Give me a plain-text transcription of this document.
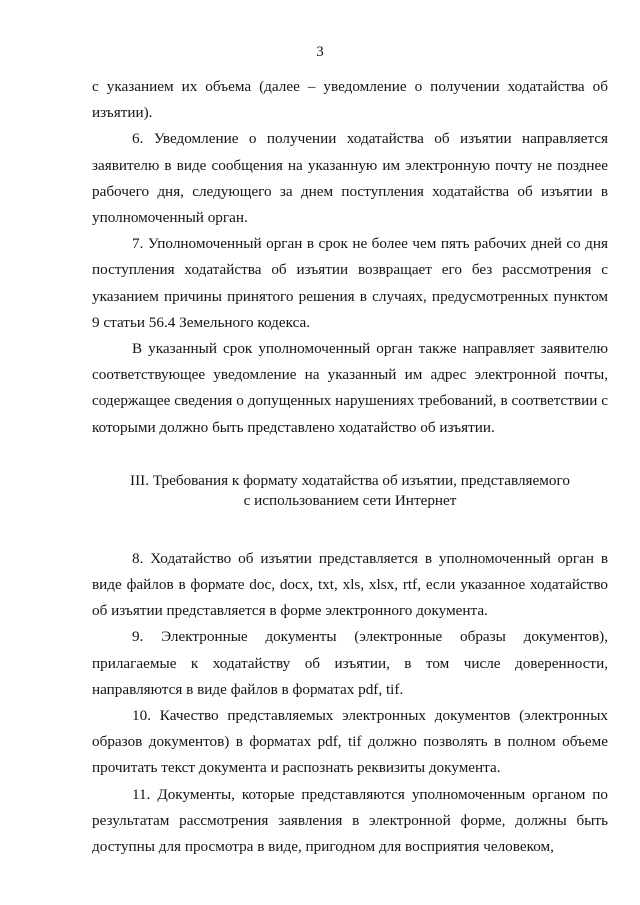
3

с указанием их объема (далее – уведомление о получении ходатайства об изъятии).

6. Уведомление о получении ходатайства об изъятии направляется заявителю в виде сообщения на указанную им электронную почту не позднее рабочего дня, следующего за днем поступления ходатайства об изъятии в уполномоченный орган.

7. Уполномоченный орган в срок не более чем пять рабочих дней со дня поступления ходатайства об изъятии возвращает его без рассмотрения с указанием причины принятого решения в случаях, предусмотренных пунктом 9 статьи 56.4 Земельного кодекса.

В указанный срок уполномоченный орган также направляет заявителю соответствующее уведомление на указанный им адрес электронной почты, содержащее сведения о допущенных нарушениях требований, в соответствии с которыми должно быть представлено ходатайство об изъятии.

III. Требования к формату ходатайства об изъятии, представляемого
с использованием сети Интернет

8. Ходатайство об изъятии представляется в уполномоченный орган в виде файлов в формате doc, docx, txt, xls, xlsx, rtf, если указанное ходатайство об изъятии представляется в форме электронного документа.

9. Электронные документы (электронные образы документов), прилагаемые к ходатайству об изъятии, в том числе доверенности, направляются в виде файлов в форматах pdf, tif.

10. Качество представляемых электронных документов (электронных образов документов) в форматах pdf, tif должно позволять в полном объеме прочитать текст документа и распознать реквизиты документа.

11. Документы, которые представляются уполномоченным органом по результатам рассмотрения заявления в электронной форме, должны быть доступны для просмотра в виде, пригодном для восприятия человеком,
